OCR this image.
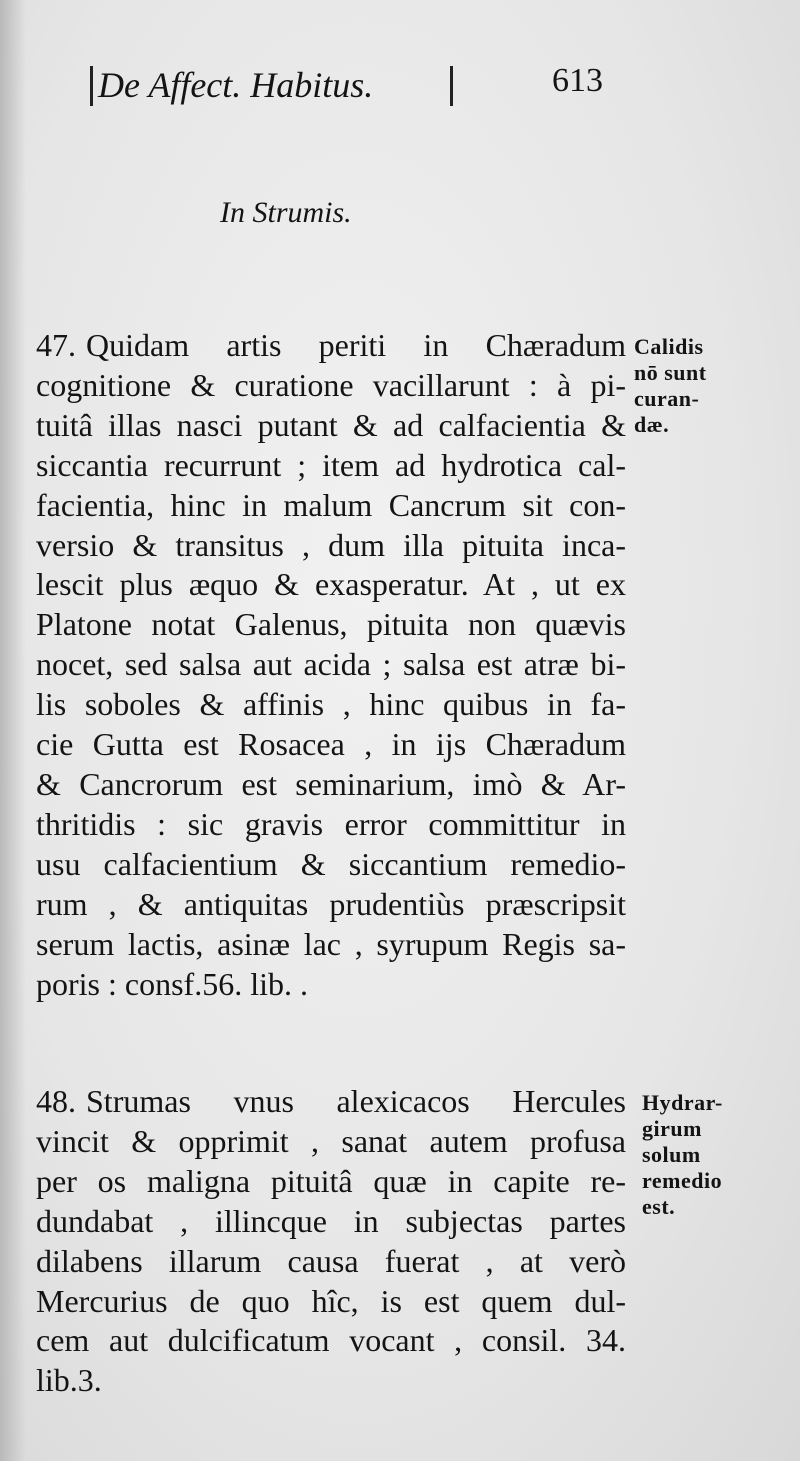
De Affect. Habitus.	613
In Strumis.
47. Quidam artis periti in Chæradum
cognitione & curatione vacillarunt : à pi-
tuitâ illas nasci putant & ad calfacientia &
siccantia recurrunt ; item ad hydrotica cal-
facientia, hinc in malum Cancrum sit con-
versio & transitus , dum illa pituita inca-
lescit plus æquo & exasperatur. At , ut ex
Platone notat Galenus, pituita non quævis
nocet, sed salsa aut acida ; salsa est atræ bi-
lis soboles & affinis , hinc quibus in fa-
cie Gutta est Rosacea , in ijs Chæradum
& Cancrorum est seminarium, imò & Ar-
thritidis : sic gravis error committitur in
usu calfacientium & siccantium remedio-
rum , & antiquitas prudentiùs præscripsit
serum lactis, asinæ lac , syrupum Regis sa-
poris : consf.56. lib. .
Calidis
nō sunt
curan-
dæ.
48. Strumas vnus alexicacos Hercules
vincit & opprimit , sanat autem profusa
per os maligna pituitâ quæ in capite re-
dundabat , illincque in subjectas partes
dilabens illarum causa fuerat , at verò
Mercurius de quo hîc, is est quem dul-
cem aut dulcificatum vocant , consil. 34.
lib.3.
Hydrar-
girum
solum
remedio
est.
